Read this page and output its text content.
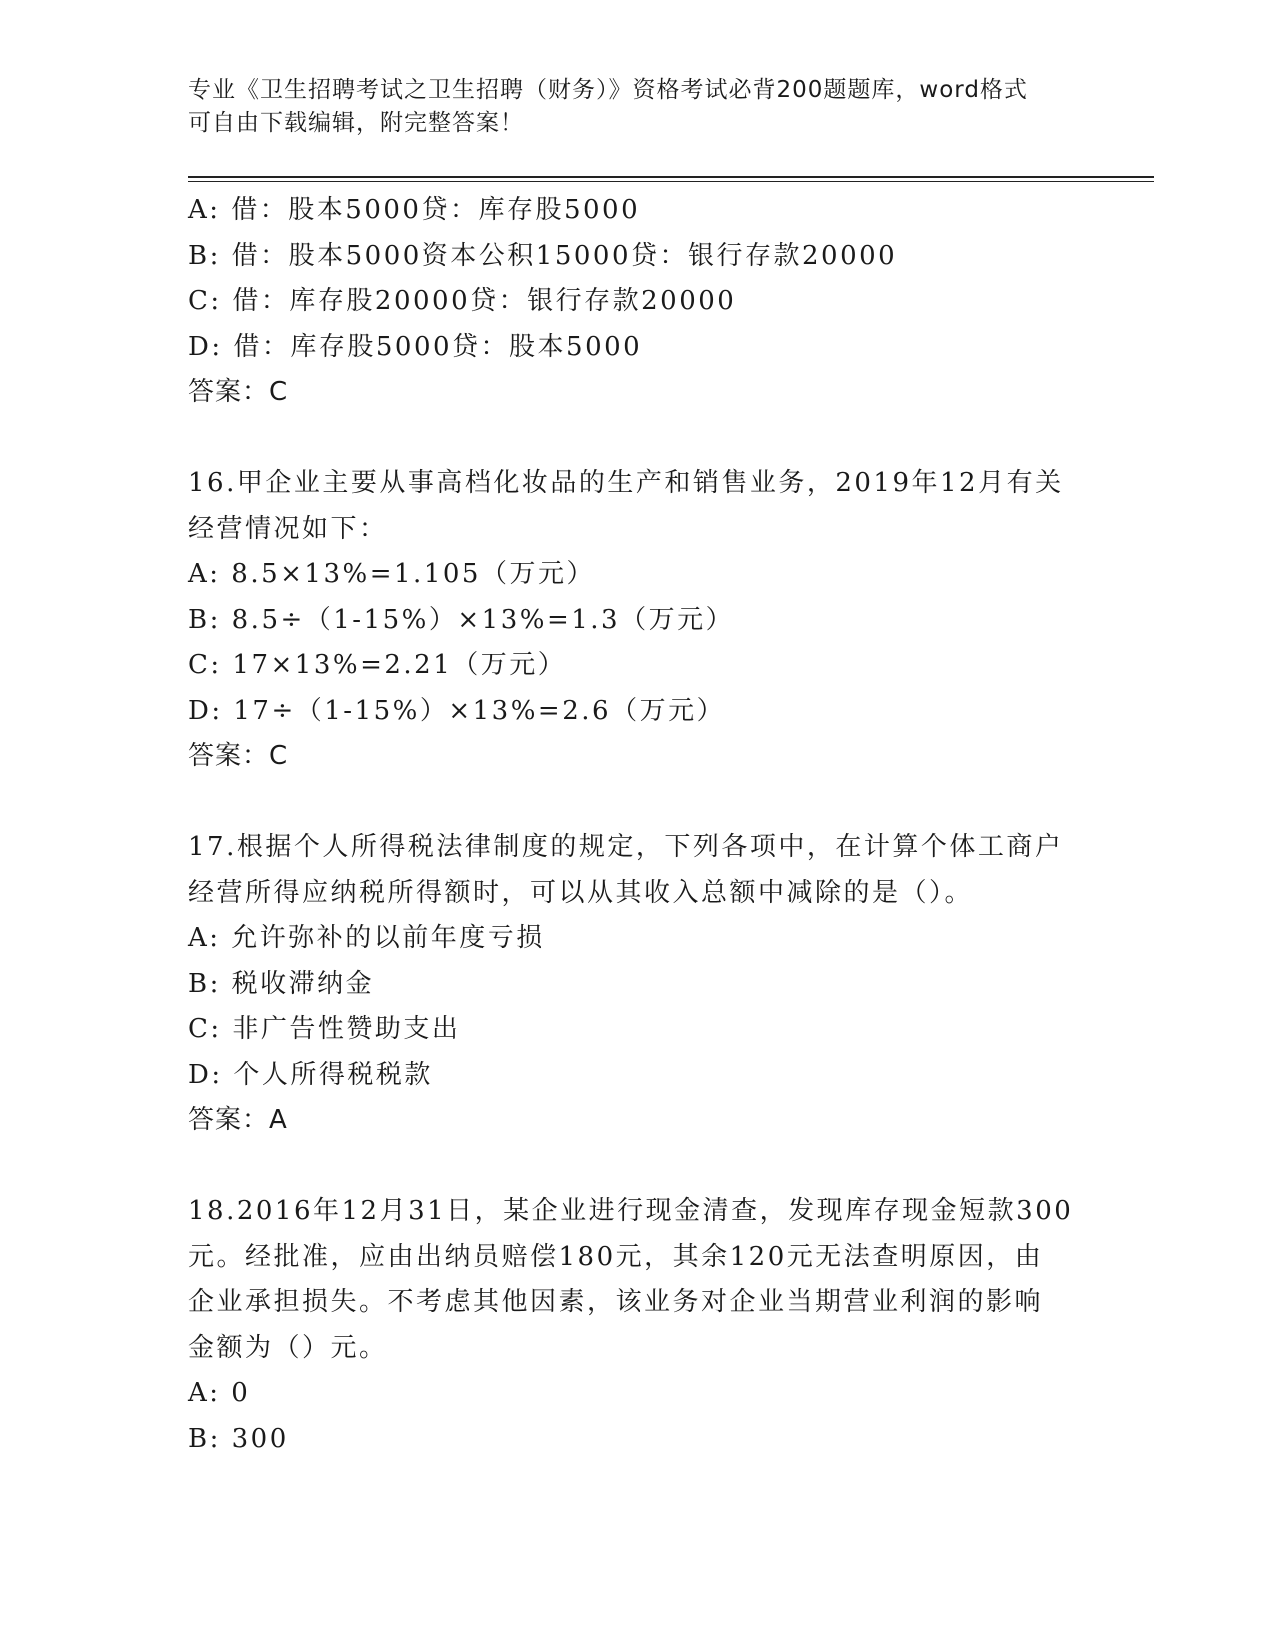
专业《卫生招聘考试之卫生招聘（财务）》资格考试必背200题题库，word格式
可自由下载编辑，附完整答案！
A: 借：股本5000贷：库存股5000
B: 借：股本5000资本公积15000贷：银行存款20000
C: 借：库存股20000贷：银行存款20000
D: 借：库存股5000贷：股本5000
答案：C
16.甲企业主要从事高档化妆品的生产和销售业务，2019年12月有关
经营情况如下：
A: 8.5×13%=1.105（万元）
B: 8.5÷（1-15%）×13%=1.3（万元）
C: 17×13%=2.21（万元）
D: 17÷（1-15%）×13%=2.6（万元）
答案：C
17.根据个人所得税法律制度的规定，下列各项中，在计算个体工商户
经营所得应纳税所得额时，可以从其收入总额中减除的是（）。
A: 允许弥补的以前年度亏损
B: 税收滞纳金
C: 非广告性赞助支出
D: 个人所得税税款
答案：A
18.2016年12月31日，某企业进行现金清查，发现库存现金短款300
元。经批准，应由出纳员赔偿180元，其余120元无法查明原因，由
企业承担损失。不考虑其他因素，该业务对企业当期营业利润的影响
金额为（）元。
A: 0
B: 300
